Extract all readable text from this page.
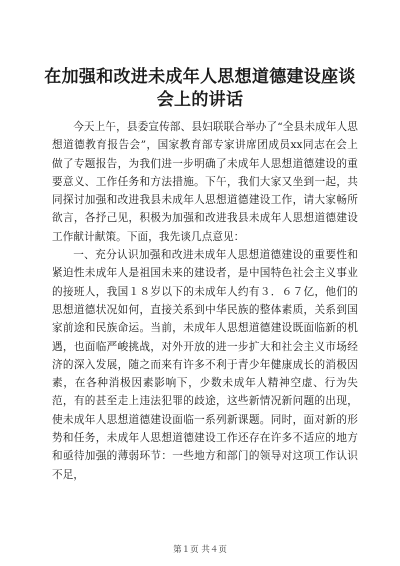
在加强和改进未成年人思想道德建设座谈会上的讲话

今天上午，县委宣传部、县妇联联合举办了“全县未成年人思想道德教育报告会”，国家教育部专家讲席团成员xx同志在会上做了专题报告，为我们进一步明确了未成年人思想道德建设的重要意义、工作任务和方法措施。下午，我们大家又坐到一起，共同探讨加强和改进我县未成年人思想道德建设工作，请大家畅所欲言，各抒己见，积极为加强和改进我县未成年人思想道德建设工作献计献策。下面，我先谈几点意见：

一、充分认识加强和改进未成年人思想道德建设的重要性和紧迫性未成年人是祖国未来的建设者，是中国特色社会主义事业的接班人，我国１８岁以下的未成年人约有３．６７亿，他们的思想道德状况如何，直接关系到中华民族的整体素质，关系到国家前途和民族命运。当前，未成年人思想道德建设既面临新的机遇，也面临严峻挑战，对外开放的进一步扩大和社会主义市场经济的深入发展，随之而来有许多不利于青少年健康成长的消极因素，在各种消极因素影响下，少数未成年人精神空虚、行为失范，有的甚至走上违法犯罪的歧途，这些新情况新问题的出现，使未成年人思想道德建设面临一系列新课题。同时，面对新的形势和任务，未成年人思想道德建设工作还存在许多不适应的地方和亟待加强的薄弱环节：一些地方和部门的领导对这项工作认识不足，

第１页 共４页
